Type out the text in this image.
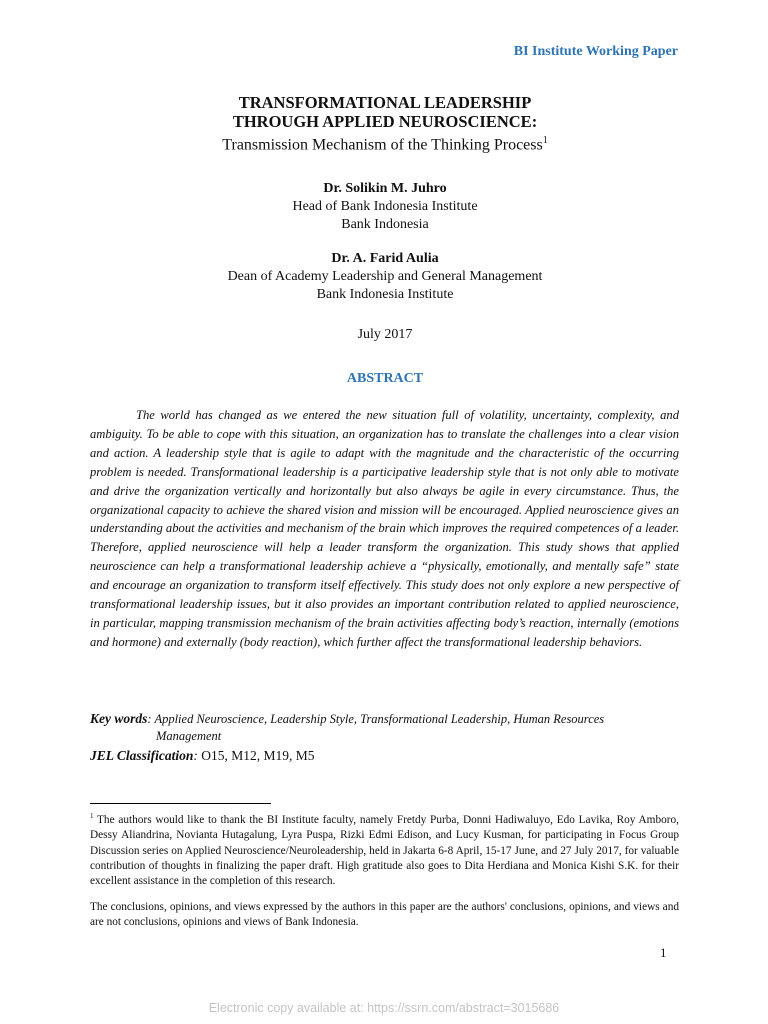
BI Institute Working Paper
TRANSFORMATIONAL LEADERSHIP
THROUGH APPLIED NEUROSCIENCE:
Transmission Mechanism of the Thinking Process$^1$
Dr. Solikin M. Juhro
Head of Bank Indonesia Institute
Bank Indonesia
Dr. A. Farid Aulia
Dean of Academy Leadership and General Management
Bank Indonesia Institute
July 2017
ABSTRACT

The world has changed as we entered the new situation full of volatility, uncertainty, complexity, and ambiguity. To be able to cope with this situation, an organization has to translate the challenges into a clear vision and action. A leadership style that is agile to adapt with the magnitude and the characteristic of the occurring problem is needed. Transformational leadership is a participative leadership style that is not only able to motivate and drive the organization vertically and horizontally but also always be agile in every circumstance. Thus, the organizational capacity to achieve the shared vision and mission will be encouraged. Applied neuroscience gives an understanding about the activities and mechanism of the brain which improves the required competences of a leader. Therefore, applied neuroscience will help a leader transform the organization. This study shows that applied neuroscience can help a transformational leadership achieve a “physically, emotionally, and mentally safe” state and encourage an organization to transform itself effectively. This study does not only explore a new perspective of transformational leadership issues, but it also provides an important contribution related to applied neuroscience, in particular, mapping transmission mechanism of the brain activities affecting body’s reaction, internally (emotions and hormone) and externally (body reaction), which further affect the transformational leadership behaviors.

Key words: Applied Neuroscience, Leadership Style, Transformational Leadership, Human Resources
Management
JEL Classification: O15, M12, M19, M5

$^1$ The authors would like to thank the BI Institute faculty, namely Fretdy Purba, Donni Hadiwaluyo, Edo Lavika, Roy Amboro, Dessy Aliandrina, Novianta Hutagalung, Lyra Puspa, Rizki Edmi Edison, and Lucy Kusman, for participating in Focus Group Discussion series on Applied Neuroscience/Neuroleadership, held in Jakarta 6-8 April, 15-17 June, and 27 July 2017, for valuable contribution of thoughts in finalizing the paper draft. High gratitude also goes to Dita Herdiana and Monica Kishi S.K. for their excellent assistance in the completion of this research.

The conclusions, opinions, and views expressed by the authors in this paper are the authors' conclusions, opinions, and views and are not conclusions, opinions and views of Bank Indonesia.

1
Electronic copy available at: https://ssrn.com/abstract=3015686
